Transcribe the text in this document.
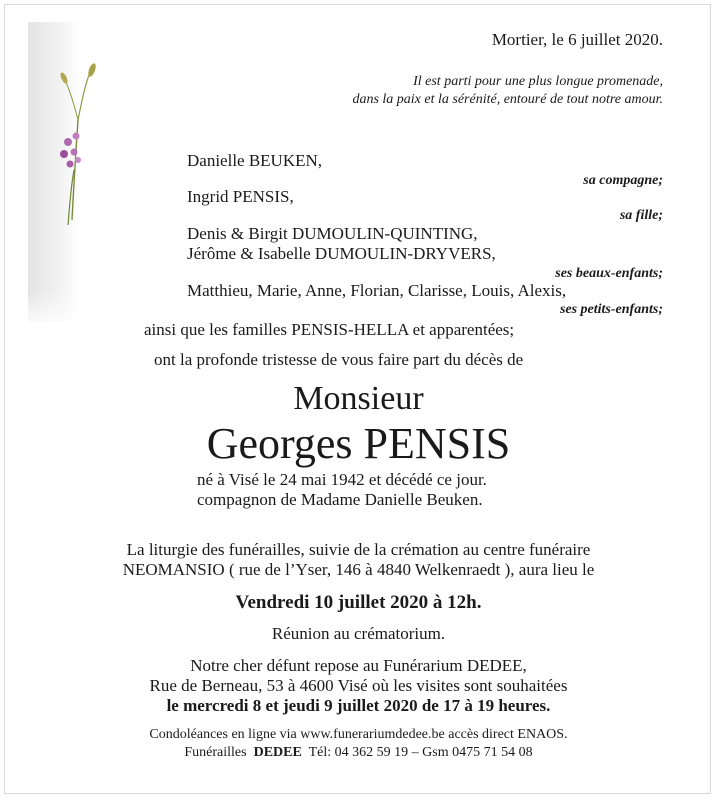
Mortier, le 6 juillet 2020.
Il est parti pour une plus longue promenade,
dans la paix et la sérénité, entouré de tout notre amour.
Danielle BEUKEN,
sa compagne;
Ingrid PENSIS,
sa fille;
Denis & Birgit DUMOULIN-QUINTING,
Jérôme & Isabelle DUMOULIN-DRYVERS,
ses beaux-enfants;
Matthieu, Marie, Anne, Florian, Clarisse, Louis, Alexis,
ses petits-enfants;
ainsi que les familles PENSIS-HELLA et apparentées;
ont la profonde tristesse de vous faire part du décès de
Monsieur
Georges PENSIS
né à Visé le 24 mai 1942 et décédé ce jour.
compagnon de Madame Danielle Beuken.
La liturgie des funérailles, suivie de la crémation au centre funéraire
NEOMANSIO ( rue de l’Yser, 146 à 4840 Welkenraedt ), aura lieu le
Vendredi 10 juillet 2020 à 12h.
Réunion au crématorium.
Notre cher défunt repose au Funérarium DEDEE,
Rue de Berneau, 53 à 4600 Visé où les visites sont souhaitées
le mercredi 8 et jeudi 9 juillet 2020 de 17 à 19 heures.
Condoléances en ligne via www.funerariumdedee.be accès direct ENAOS.
Funérailles DEDEE Tél: 04 362 59 19 – Gsm 0475 71 54 08
